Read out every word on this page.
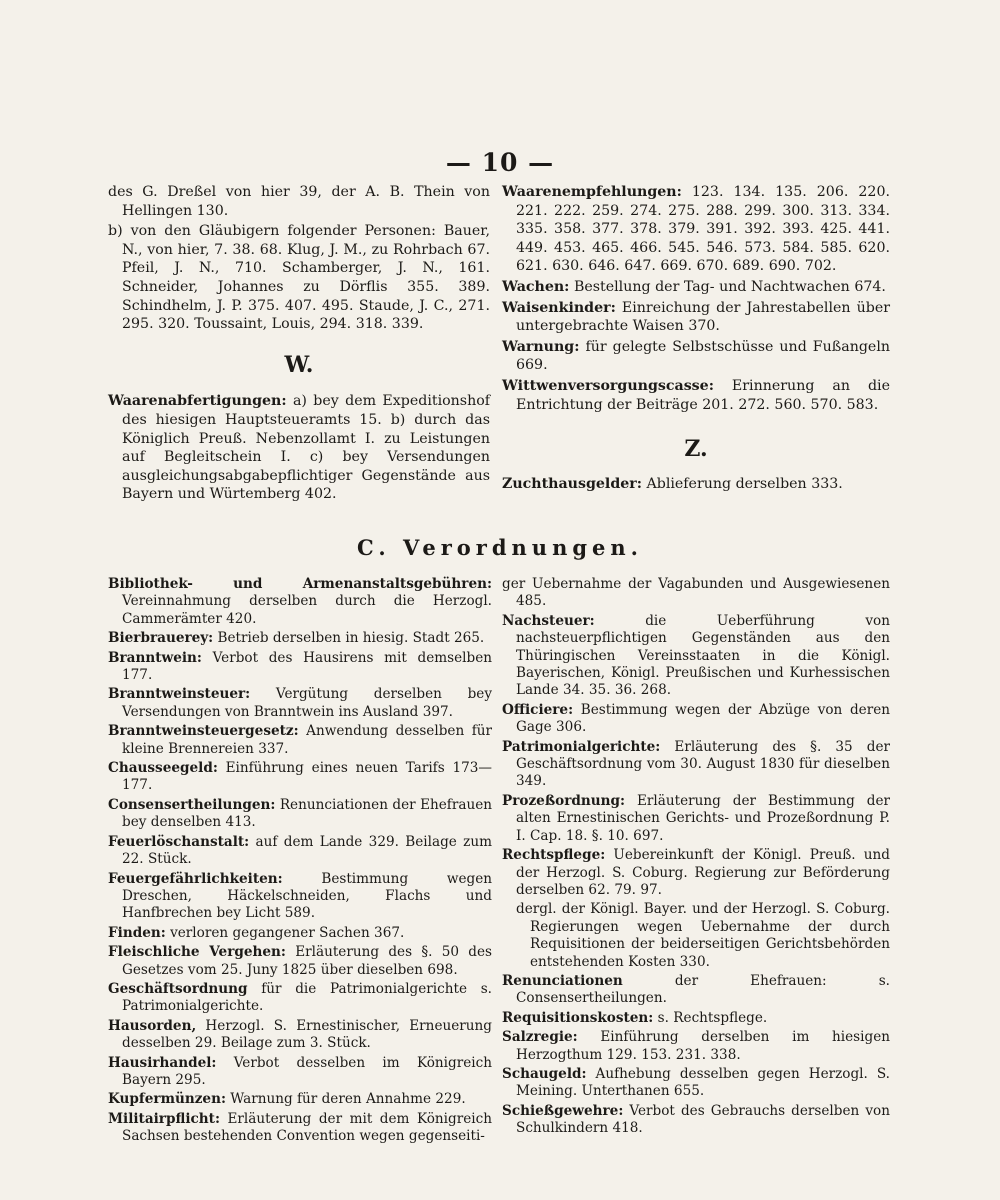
— 10 —

des G. Dreßel von hier 39, der A. B. Thein von Hellingen 130.

b) von den Gläubigern folgender Personen: Bauer, N., von hier, 7. 38. 68. Klug, J. M., zu Rohrbach 67. Pfeil, J. N., 710. Schamberger, J. N., 161. Schneider, Johannes zu Dörflis 355. 389. Schindhelm, J. P. 375. 407. 495. Staude, J. C., 271. 295. 320. Toussaint, Louis, 294. 318. 339.

W.

Waarenabfertigungen: a) bey dem Expeditionshof des hiesigen Hauptsteueramts 15. b) durch das Königlich Preuß. Nebenzollamt I. zu Leistungen auf Begleitschein I. c) bey Versendungen ausgleichungsabgabepflichtiger Gegenstände aus Bayern und Würtemberg 402.

Waarenempfehlungen: 123. 134. 135. 206. 220. 221. 222. 259. 274. 275. 288. 299. 300. 313. 334. 335. 358. 377. 378. 379. 391. 392. 393. 425. 441. 449. 453. 465. 466. 545. 546. 573. 584. 585. 620. 621. 630. 646. 647. 669. 670. 689. 690. 702.

Wachen: Bestellung der Tag- und Nachtwachen 674.

Waisenkinder: Einreichung der Jahrestabellen über untergebrachte Waisen 370.

Warnung: für gelegte Selbstschüsse und Fußangeln 669.

Wittwenversorgungscasse: Erinnerung an die Entrichtung der Beiträge 201. 272. 560. 570. 583.

Z.

Zuchthausgelder: Ablieferung derselben 333.

C. Verordnungen.

Bibliothek- und Armenanstaltsgebühren: Vereinnahmung derselben durch die Herzogl. Cammerämter 420.

Bierbrauerey: Betrieb derselben in hiesig. Stadt 265.

Branntwein: Verbot des Hausirens mit demselben 177.

Branntweinsteuer: Vergütung derselben bey Versendungen von Branntwein ins Ausland 397.

Branntweinsteuergesetz: Anwendung desselben für kleine Brennereien 337.

Chausseegeld: Einführung eines neuen Tarifs 173—177.

Consensertheilungen: Renunciationen der Ehefrauen bey denselben 413.

Feuerlöschanstalt: auf dem Lande 329. Beilage zum 22. Stück.

Feuergefährlichkeiten: Bestimmung wegen Dreschen, Häckelschneiden, Flachs und Hanfbrechen bey Licht 589.

Finden: verloren gegangener Sachen 367.

Fleischliche Vergehen: Erläuterung des §. 50 des Gesetzes vom 25. Juny 1825 über dieselben 698.

Geschäftsordnung für die Patrimonialgerichte s. Patrimonialgerichte.

Hausorden, Herzogl. S. Ernestinischer, Erneuerung desselben 29. Beilage zum 3. Stück.

Hausirhandel: Verbot desselben im Königreich Bayern 295.

Kupfermünzen: Warnung für deren Annahme 229.

Militairpflicht: Erläuterung der mit dem Königreich Sachsen bestehenden Convention wegen gegenseiti-

ger Uebernahme der Vagabunden und Ausgewiesenen 485.

Nachsteuer: die Ueberführung von nachsteuerpflichtigen Gegenständen aus den Thüringischen Vereinsstaaten in die Königl. Bayerischen, Königl. Preußischen und Kurhessischen Lande 34. 35. 36. 268.

Officiere: Bestimmung wegen der Abzüge von deren Gage 306.

Patrimonialgerichte: Erläuterung des §. 35 der Geschäftsordnung vom 30. August 1830 für dieselben 349.

Prozeßordnung: Erläuterung der Bestimmung der alten Ernestinischen Gerichts- und Prozeßordnung P. I. Cap. 18. §. 10. 697.

Rechtspflege: Uebereinkunft der Königl. Preuß. und der Herzogl. S. Coburg. Regierung zur Beförderung derselben 62. 79. 97.

dergl. der Königl. Bayer. und der Herzogl. S. Coburg. Regierungen wegen Uebernahme der durch Requisitionen der beiderseitigen Gerichtsbehörden entstehenden Kosten 330.

Renunciationen der Ehefrauen: s. Consensertheilungen.

Requisitionskosten: s. Rechtspflege.

Salzregie: Einführung derselben im hiesigen Herzogthum 129. 153. 231. 338.

Schaugeld: Aufhebung desselben gegen Herzogl. S. Meining. Unterthanen 655.

Schießgewehre: Verbot des Gebrauchs derselben von Schulkindern 418.
